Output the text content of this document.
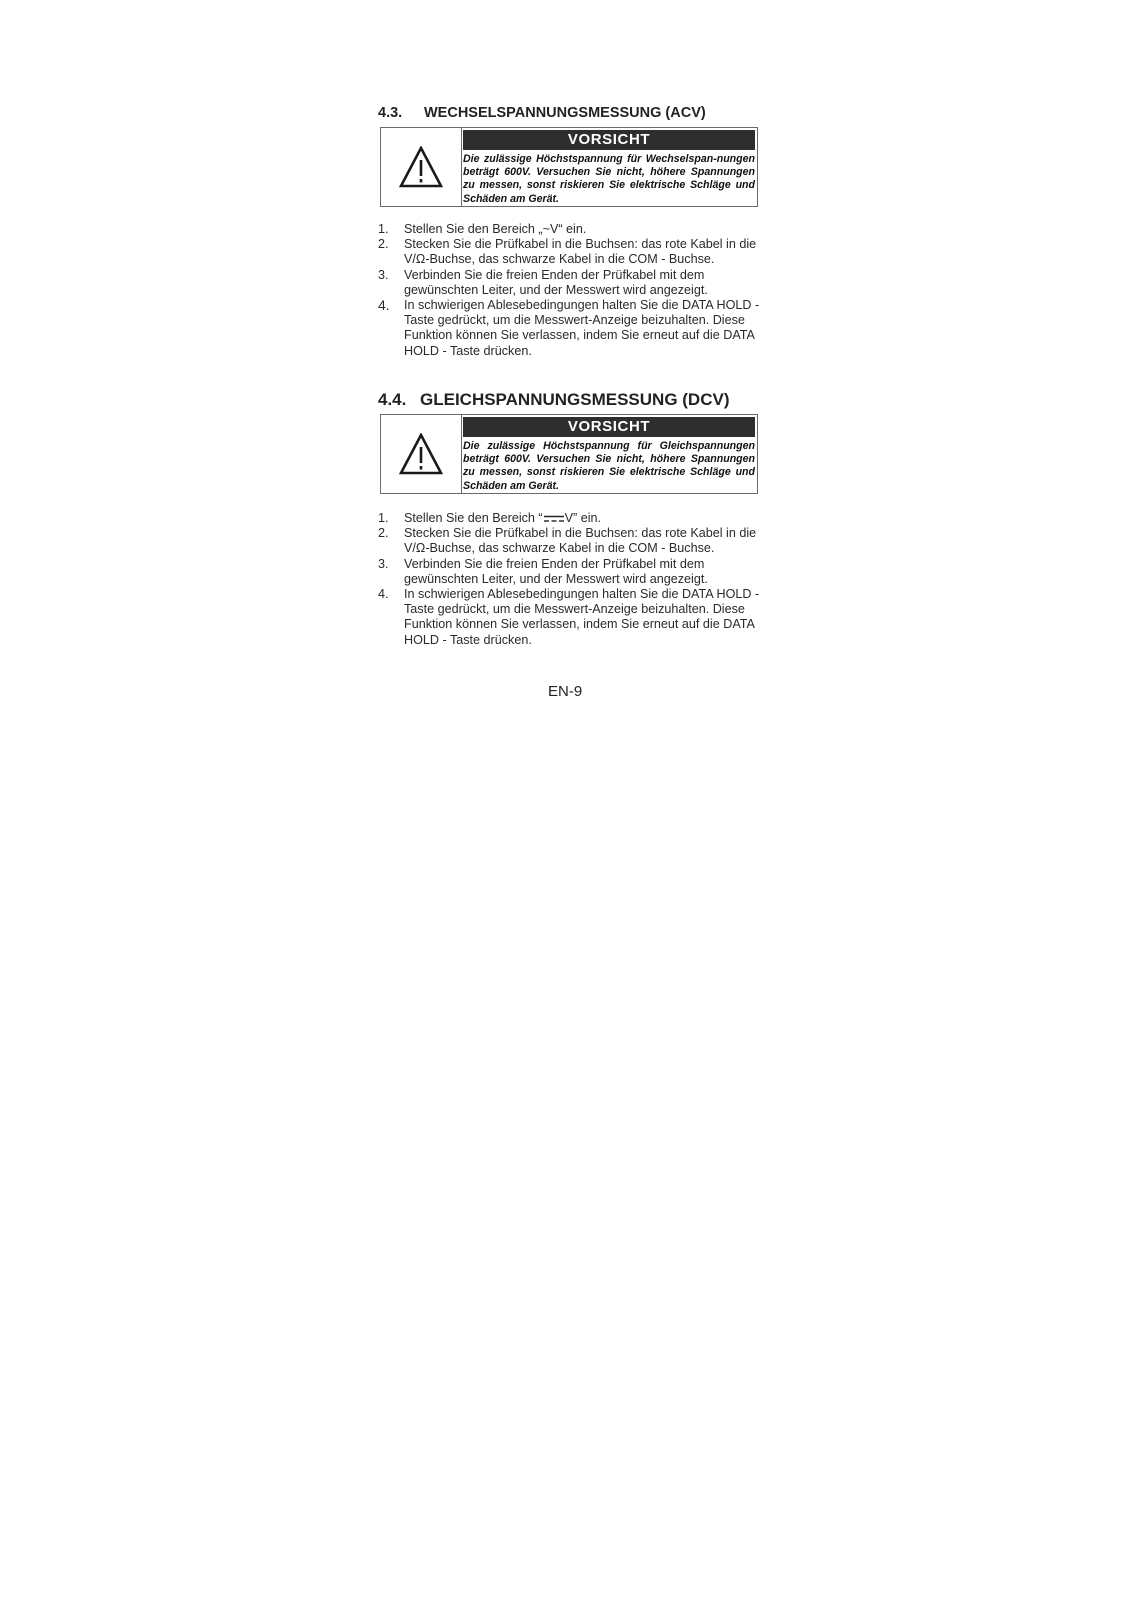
4.3. WECHSELSPANNUNGSMESSUNG (ACV)
VORSICHT
Die zulässige Höchstspannung für Wechselspan-nungen beträgt 600V. Versuchen Sie nicht, höhere Spannungen zu messen, sonst riskieren Sie elektrische Schläge und Schäden am Gerät.
1. Stellen Sie den Bereich „~V“ ein.
2. Stecken Sie die Prüfkabel in die Buchsen: das rote Kabel in die V/Ω-Buchse, das schwarze Kabel in die COM - Buchse.
3. Verbinden Sie die freien Enden der Prüfkabel mit dem gewünschten Leiter, und der Messwert wird angezeigt.
4. In schwierigen Ablesebedingungen halten Sie die DATA HOLD -Taste gedrückt, um die Messwert-Anzeige beizuhalten. Diese Funktion können Sie verlassen, indem Sie erneut auf die DATA HOLD - Taste drücken.
4.4. GLEICHSPANNUNGSMESSUNG (DCV)
VORSICHT
Die zulässige Höchstspannung für Gleichspannungen beträgt 600V. Versuchen Sie nicht, höhere Spannungen zu messen, sonst riskieren Sie elektrische Schläge und Schäden am Gerät.
1. Stellen Sie den Bereich “ V” ein.
2. Stecken Sie die Prüfkabel in die Buchsen: das rote Kabel in die V/Ω-Buchse, das schwarze Kabel in die COM - Buchse.
3. Verbinden Sie die freien Enden der Prüfkabel mit dem gewünschten Leiter, und der Messwert wird angezeigt.
4. In schwierigen Ablesebedingungen halten Sie die DATA HOLD - Taste gedrückt, um die Messwert-Anzeige beizuhalten. Diese Funktion können Sie verlassen, indem Sie erneut auf die DATA HOLD - Taste drücken.
EN-9
